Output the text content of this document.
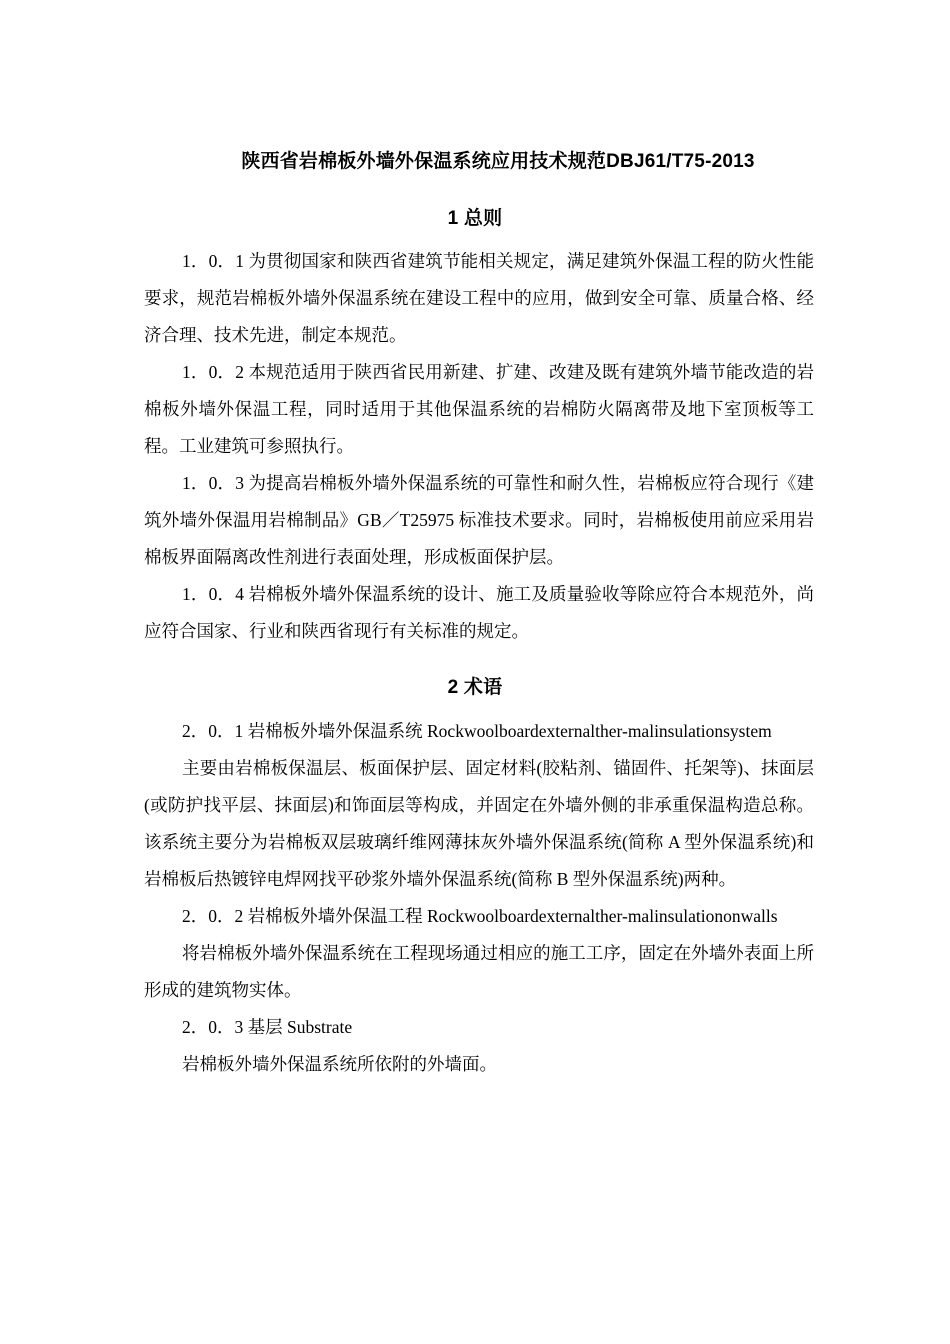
陕西省岩棉板外墙外保温系统应用技术规范DBJ61/T75-2013
1 总则

1．0．1 为贯彻国家和陕西省建筑节能相关规定，满足建筑外保温工程的防火性能要求，规范岩棉板外墙外保温系统在建设工程中的应用，做到安全可靠、质量合格、经济合理、技术先进，制定本规范。

1．0．2 本规范适用于陕西省民用新建、扩建、改建及既有建筑外墙节能改造的岩棉板外墙外保温工程，同时适用于其他保温系统的岩棉防火隔离带及地下室顶板等工程。工业建筑可参照执行。

1．0．3 为提高岩棉板外墙外保温系统的可靠性和耐久性，岩棉板应符合现行《建筑外墙外保温用岩棉制品》GB／T25975 标准技术要求。同时，岩棉板使用前应采用岩棉板界面隔离改性剂进行表面处理，形成板面保护层。

1．0．4 岩棉板外墙外保温系统的设计、施工及质量验收等除应符合本规范外，尚应符合国家、行业和陕西省现行有关标准的规定。

2 术语

2．0．1 岩棉板外墙外保温系统 Rockwoolboardexternalther-malinsulationsystem

主要由岩棉板保温层、板面保护层、固定材料(胶粘剂、锚固件、托架等)、抹面层(或防护找平层、抹面层)和饰面层等构成，并固定在外墙外侧的非承重保温构造总称。该系统主要分为岩棉板双层玻璃纤维网薄抹灰外墙外保温系统(简称 A 型外保温系统)和岩棉板后热镀锌电焊网找平砂浆外墙外保温系统(简称 B 型外保温系统)两种。

2．0．2 岩棉板外墙外保温工程 Rockwoolboardexternalther-malinsulationonwalls

将岩棉板外墙外保温系统在工程现场通过相应的施工工序，固定在外墙外表面上所形成的建筑物实体。

2．0．3 基层 Substrate

岩棉板外墙外保温系统所依附的外墙面。
